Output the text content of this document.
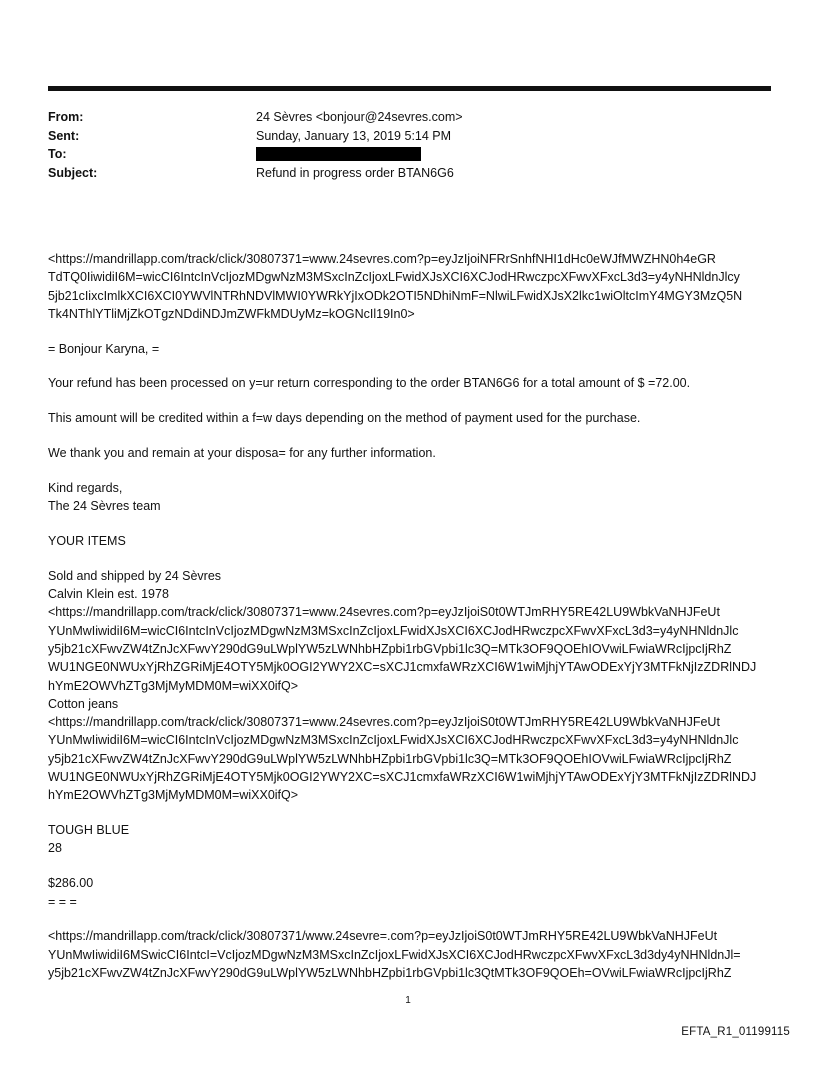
From:	24 Sèvres <bonjour@24sevres.com>
Sent:	Sunday, January 13, 2019 5:14 PM
To:
Subject:	Refund in progress order BTAN6G6
<https://mandrillapp.com/track/click/30807371=www.24sevres.com?p=eyJzIjoiNFRrSnhfNHI1dHc0eWJfMWZHN0h4eGR
TdTQ0IiwidiI6M=wicCI6IntcInVcIjozMDgwNzM3MSxcInZcIjoxLFwidXJsXCI6XCJodHRwczpcXFwvXFxcL3d3=y4yNHNldnJlcy
5jb21cIixcImlkXCI6XCI0YWVlNTRhNDVlMWI0YWRkYjIxODk2OTI5NDhiNmF=NlwiLFwidXJsX2lkc1wiOltcImY4MGY3MzQ5N
Tk4NThlYTliMjZkOTgzNDdiNDJmZWFkMDUyMz=kOGNcIl19In0>
= Bonjour Karyna, =
Your refund has been processed on y=ur return corresponding to the order BTAN6G6 for a total amount of $ =72.00.
This amount will be credited within a f=w days depending on the method of payment used for the purchase.
We thank you and remain at your disposa= for any further information.
Kind regards,
The 24 Sèvres team
YOUR ITEMS
Sold and shipped by 24 Sèvres
Calvin Klein est. 1978
<https://mandrillapp.com/track/click/30807371=www.24sevres.com?p=eyJzIjoiS0t0WTJmRHY5RE42LU9WbkVaNHJFeUt
YUnMwIiwidiI6M=wicCI6IntcInVcIjozMDgwNzM3MSxcInZcIjoxLFwidXJsXCI6XCJodHRwczpcXFwvXFxcL3d3=y4yNHNldnJlc
y5jb21cXFwvZW4tZnJcXFwvY290dG9uLWplYW5zLWNhbHZpbi1rbGVpbi1lc3Q=MTk3OF9QOEhIOVwiLFwiaWRcIjpcIjRhZ
WU1NGE0NWUxYjRhZGRiMjE4OTY5Mjk0OGI2YWY2XC=sXCJ1cmxfaWRzXCI6W1wiMjhjYTAwODExYjY3MTFkNjIzZDRlNDJ
hYmE2OWVhZTg3MjMyMDM0M=wiXX0ifQ>
Cotton jeans
<https://mandrillapp.com/track/click/30807371=www.24sevres.com?p=eyJzIjoiS0t0WTJmRHY5RE42LU9WbkVaNHJFeUt
YUnMwIiwidiI6M=wicCI6IntcInVcIjozMDgwNzM3MSxcInZcIjoxLFwidXJsXCI6XCJodHRwczpcXFwvXFxcL3d3=y4yNHNldnJlc
y5jb21cXFwvZW4tZnJcXFwvY290dG9uLWplYW5zLWNhbHZpbi1rbGVpbi1lc3Q=MTk3OF9QOEhIOVwiLFwiaWRcIjpcIjRhZ
WU1NGE0NWUxYjRhZGRiMjE4OTY5Mjk0OGI2YWY2XC=sXCJ1cmxfaWRzXCI6W1wiMjhjYTAwODExYjY3MTFkNjIzZDRlNDJ
hYmE2OWVhZTg3MjMyMDM0M=wiXX0ifQ>
TOUGH BLUE
28
$286.00
= = =
<https://mandrillapp.com/track/click/30807371/www.24sevre=.com?p=eyJzIjoiS0t0WTJmRHY5RE42LU9WbkVaNHJFeUt
YUnMwIiwidiI6MSwicCI6IntcI=VcIjozMDgwNzM3MSxcInZcIjoxLFwidXJsXCI6XCJodHRwczpcXFwvXFxcL3d3dy4yNHNldnJl=
y5jb21cXFwvZW4tZnJcXFwvY290dG9uLWplYW5zLWNhbHZpbi1rbGVpbi1lc3QtMTk3OF9QOEh=OVwiLFwiaWRcIjpcIjRhZ
1
EFTA_R1_01199115
